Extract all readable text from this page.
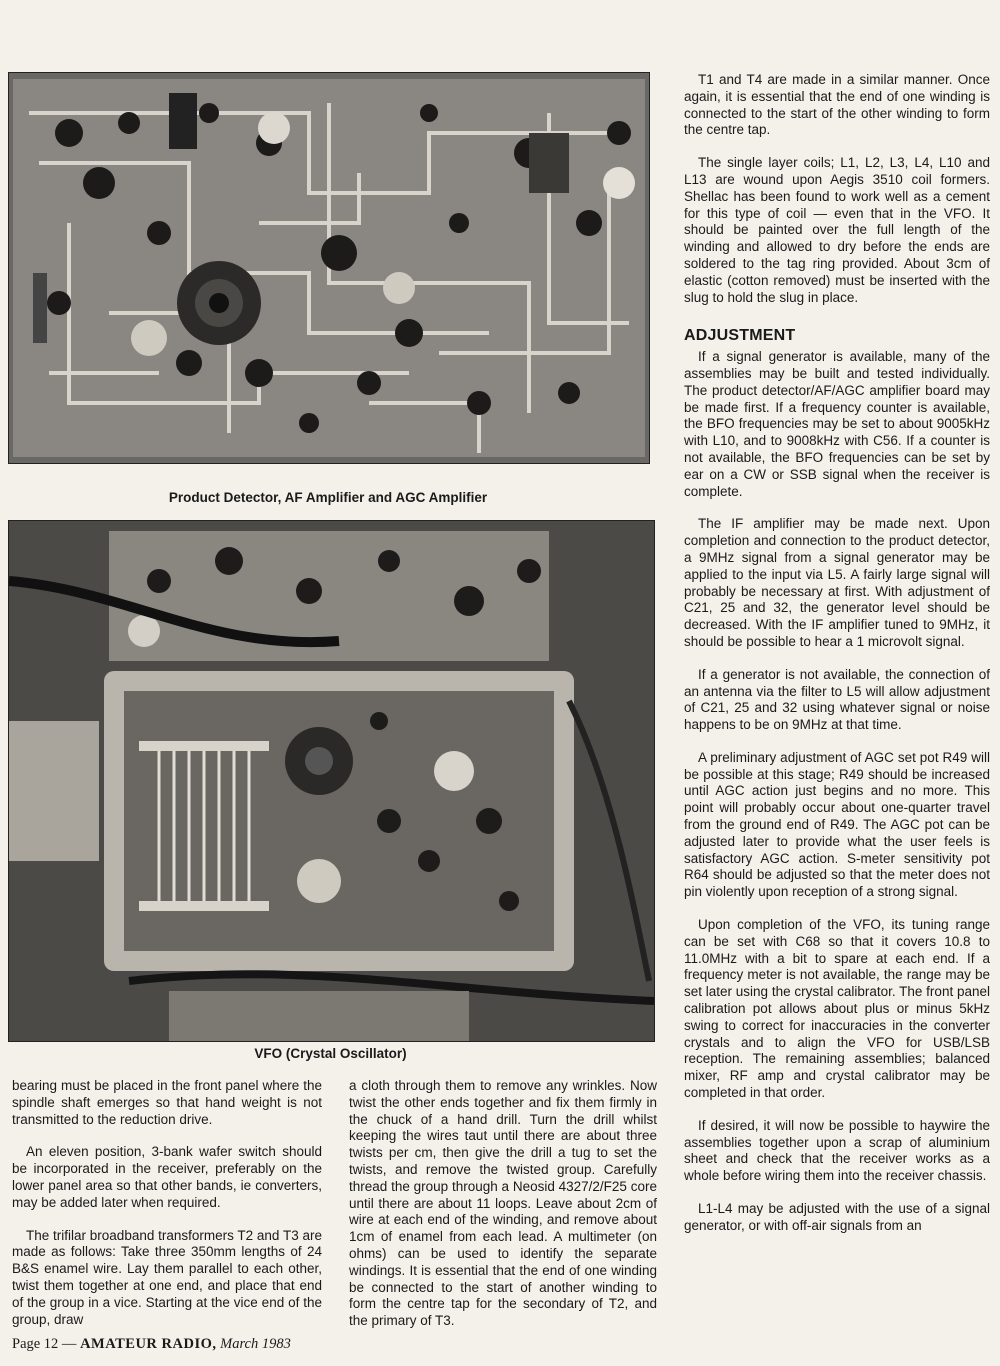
Product Detector, AF Amplifier and AGC Amplifier
VFO (Crystal Oscillator)

T1 and T4 are made in a similar manner. Once again, it is essential that the end of one winding is connected to the start of the other winding to form the centre tap.

The single layer coils; L1, L2, L3, L4, L10 and L13 are wound upon Aegis 3510 coil formers. Shellac has been found to work well as a cement for this type of coil — even that in the VFO. It should be painted over the full length of the winding and allowed to dry before the ends are soldered to the tag ring provided. About 3cm of elastic (cotton removed) must be inserted with the slug to hold the slug in place.

ADJUSTMENT

If a signal generator is available, many of the assemblies may be built and tested individually. The product detector/AF/AGC amplifier board may be made first. If a frequency counter is available, the BFO frequencies may be set to about 9005kHz with L10, and to 9008kHz with C56. If a counter is not available, the BFO frequencies can be set by ear on a CW or SSB signal when the receiver is complete.

The IF amplifier may be made next. Upon completion and connection to the product detector, a 9MHz signal from a signal generator may be applied to the input via L5. A fairly large signal will probably be necessary at first. With adjustment of C21, 25 and 32, the generator level should be decreased. With the IF amplifier tuned to 9MHz, it should be possible to hear a 1 microvolt signal.

If a generator is not available, the connection of an antenna via the filter to L5 will allow adjustment of C21, 25 and 32 using whatever signal or noise happens to be on 9MHz at that time.

A preliminary adjustment of AGC set pot R49 will be possible at this stage; R49 should be increased until AGC action just begins and no more. This point will probably occur about one-quarter travel from the ground end of R49. The AGC pot can be adjusted later to provide what the user feels is satisfactory AGC action. S-meter sensitivity pot R64 should be adjusted so that the meter does not pin violently upon reception of a strong signal.

Upon completion of the VFO, its tuning range can be set with C68 so that it covers 10.8 to 11.0MHz with a bit to spare at each end. If a frequency meter is not available, the range may be set later using the crystal calibrator. The front panel calibration pot allows about plus or minus 5kHz swing to correct for inaccuracies in the converter crystals and to align the VFO for USB/LSB reception. The remaining assemblies; balanced mixer, RF amp and crystal calibrator may be completed in that order.

If desired, it will now be possible to haywire the assemblies together upon a scrap of aluminium sheet and check that the receiver works as a whole before wiring them into the receiver chassis.

L1-L4 may be adjusted with the use of a signal generator, or with off-air signals from an

bearing must be placed in the front panel where the spindle shaft emerges so that hand weight is not transmitted to the reduction drive.

An eleven position, 3-bank wafer switch should be incorporated in the receiver, preferably on the lower panel area so that other bands, ie converters, may be added later when required.

The trifilar broadband transformers T2 and T3 are made as follows: Take three 350mm lengths of 24 B&S enamel wire. Lay them parallel to each other, twist them together at one end, and place that end of the group in a vice. Starting at the vice end of the group, draw

a cloth through them to remove any wrinkles. Now twist the other ends together and fix them firmly in the chuck of a hand drill. Turn the drill whilst keeping the wires taut until there are about three twists per cm, then give the drill a tug to set the twists, and remove the twisted group. Carefully thread the group through a Neosid 4327/2/F25 core until there are about 11 loops. Leave about 2cm of wire at each end of the winding, and remove about 1cm of enamel from each lead. A multimeter (on ohms) can be used to identify the separate windings. It is essential that the end of one winding be connected to the start of another winding to form the centre tap for the secondary of T2, and the primary of T3.

Page 12 — AMATEUR RADIO, March 1983
